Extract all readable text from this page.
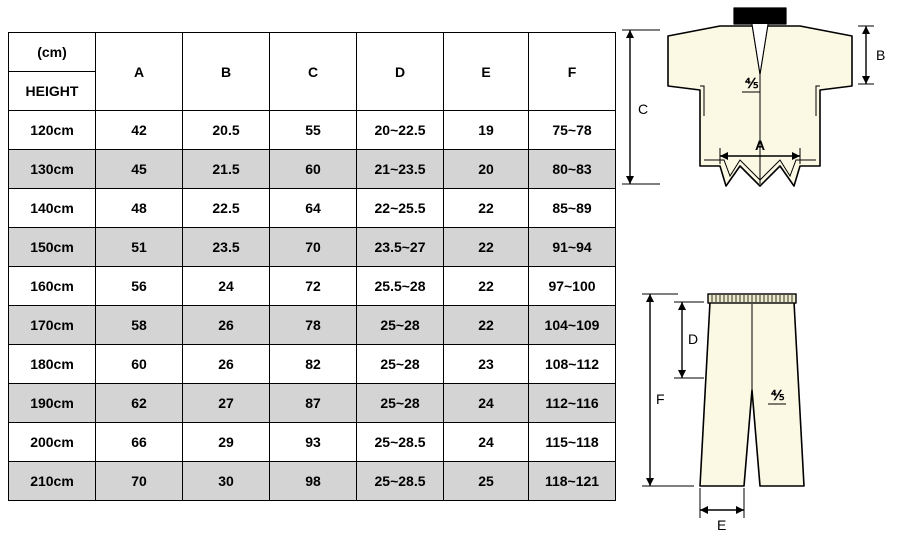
(cm)	A	B	C	D	E	F
HEIGHT						
120cm	42	20.5	55	20~22.5	19	75~78
130cm	45	21.5	60	21~23.5	20	80~83
140cm	48	22.5	64	22~25.5	22	85~89
150cm	51	23.5	70	23.5~27	22	91~94
160cm	56	24	72	25.5~28	22	97~100
170cm	58	26	78	25~28	22	104~109
180cm	60	26	82	25~28	23	108~112
190cm	62	27	87	25~28	24	112~116
200cm	66	29	93	25~28.5	24	115~118
210cm	70	30	98	25~28.5	25	118~121
⅘
A
B
C
⅘
D
F
E
